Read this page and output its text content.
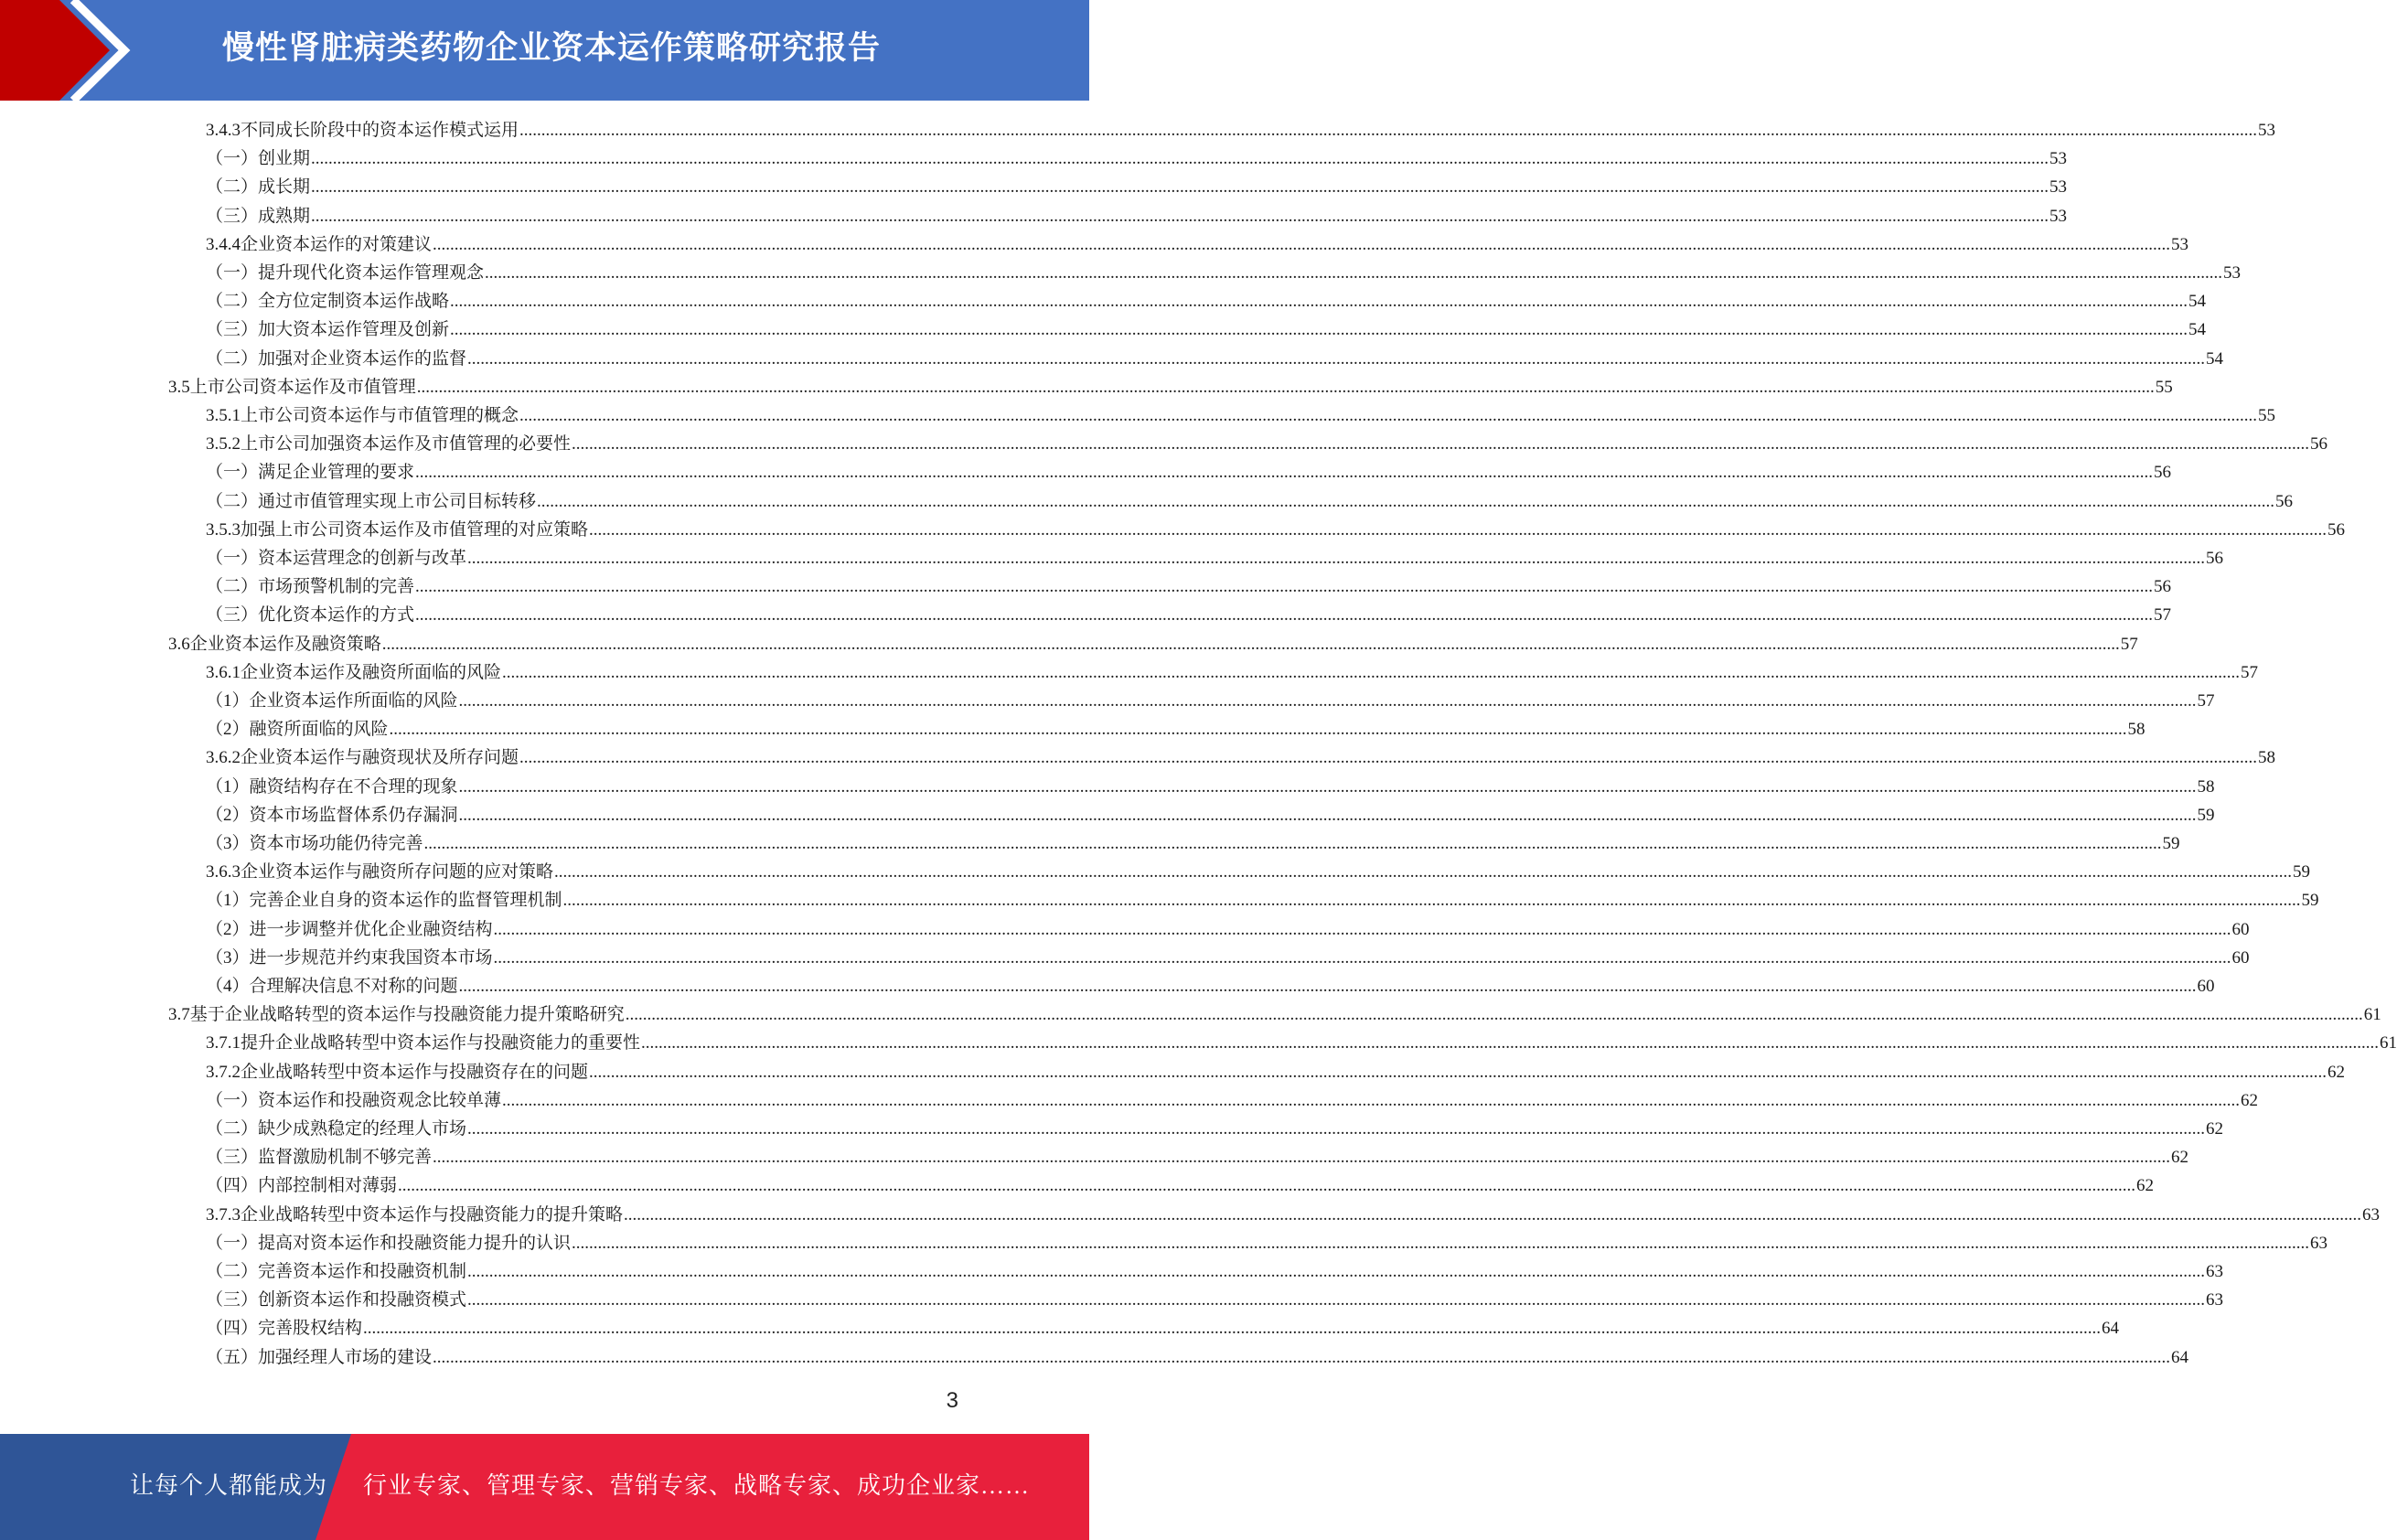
慢性肾脏病类药物企业资本运作策略研究报告
3.4.3 不同成长阶段中的资本运作模式运用 ................................................................................................................................................................................................................................................................................................................................................................................................................ 53
（一）创业期 ................................................................................................................................................................................................................................................................................................................................................................................................................ 53
（二）成长期 ................................................................................................................................................................................................................................................................................................................................................................................................................ 53
（三）成熟期 ................................................................................................................................................................................................................................................................................................................................................................................................................ 53
3.4.4 企业资本运作的对策建议 ................................................................................................................................................................................................................................................................................................................................................................................................................ 53
（一）提升现代化资本运作管理观念 ................................................................................................................................................................................................................................................................................................................................................................................................................ 53
（二）全方位定制资本运作战略 ................................................................................................................................................................................................................................................................................................................................................................................................................ 54
（三）加大资本运作管理及创新 ................................................................................................................................................................................................................................................................................................................................................................................................................ 54
（二）加强对企业资本运作的监督 ................................................................................................................................................................................................................................................................................................................................................................................................................ 54
3.5 上市公司资本运作及市值管理 ................................................................................................................................................................................................................................................................................................................................................................................................................ 55
3.5.1 上市公司资本运作与市值管理的概念 ................................................................................................................................................................................................................................................................................................................................................................................................................ 55
3.5.2 上市公司加强资本运作及市值管理的必要性 ................................................................................................................................................................................................................................................................................................................................................................................................................ 56
（一）满足企业管理的要求 ................................................................................................................................................................................................................................................................................................................................................................................................................ 56
（二）通过市值管理实现上市公司目标转移 ................................................................................................................................................................................................................................................................................................................................................................................................................ 56
3.5.3 加强上市公司资本运作及市值管理的对应策略 ................................................................................................................................................................................................................................................................................................................................................................................................................ 56
（一）资本运营理念的创新与改革 ................................................................................................................................................................................................................................................................................................................................................................................................................ 56
（二）市场预警机制的完善 ................................................................................................................................................................................................................................................................................................................................................................................................................ 56
（三）优化资本运作的方式 ................................................................................................................................................................................................................................................................................................................................................................................................................ 57
3.6 企业资本运作及融资策略 ................................................................................................................................................................................................................................................................................................................................................................................................................ 57
3.6.1 企业资本运作及融资所面临的风险 ................................................................................................................................................................................................................................................................................................................................................................................................................ 57
（1）企业资本运作所面临的风险 ................................................................................................................................................................................................................................................................................................................................................................................................................ 57
（2）融资所面临的风险 ................................................................................................................................................................................................................................................................................................................................................................................................................ 58
3.6.2 企业资本运作与融资现状及所存问题 ................................................................................................................................................................................................................................................................................................................................................................................................................ 58
（1）融资结构存在不合理的现象 ................................................................................................................................................................................................................................................................................................................................................................................................................ 58
（2）资本市场监督体系仍存漏洞 ................................................................................................................................................................................................................................................................................................................................................................................................................ 59
（3）资本市场功能仍待完善 ................................................................................................................................................................................................................................................................................................................................................................................................................ 59
3.6.3 企业资本运作与融资所存问题的应对策略 ................................................................................................................................................................................................................................................................................................................................................................................................................ 59
（1）完善企业自身的资本运作的监督管理机制 ................................................................................................................................................................................................................................................................................................................................................................................................................ 59
（2）进一步调整并优化企业融资结构 ................................................................................................................................................................................................................................................................................................................................................................................................................ 60
（3）进一步规范并约束我国资本市场 ................................................................................................................................................................................................................................................................................................................................................................................................................ 60
（4）合理解决信息不对称的问题 ................................................................................................................................................................................................................................................................................................................................................................................................................ 60
3.7 基于企业战略转型的资本运作与投融资能力提升策略研究 ................................................................................................................................................................................................................................................................................................................................................................................................................ 61
3.7.1 提升企业战略转型中资本运作与投融资能力的重要性 ................................................................................................................................................................................................................................................................................................................................................................................................................ 61
3.7.2 企业战略转型中资本运作与投融资存在的问题 ................................................................................................................................................................................................................................................................................................................................................................................................................ 62
（一）资本运作和投融资观念比较单薄 ................................................................................................................................................................................................................................................................................................................................................................................................................ 62
（二）缺少成熟稳定的经理人市场 ................................................................................................................................................................................................................................................................................................................................................................................................................ 62
（三）监督激励机制不够完善 ................................................................................................................................................................................................................................................................................................................................................................................................................ 62
（四）内部控制相对薄弱 ................................................................................................................................................................................................................................................................................................................................................................................................................ 62
3.7.3 企业战略转型中资本运作与投融资能力的提升策略 ................................................................................................................................................................................................................................................................................................................................................................................................................ 63
（一）提高对资本运作和投融资能力提升的认识 ................................................................................................................................................................................................................................................................................................................................................................................................................ 63
（二）完善资本运作和投融资机制 ................................................................................................................................................................................................................................................................................................................................................................................................................ 63
（三）创新资本运作和投融资模式 ................................................................................................................................................................................................................................................................................................................................................................................................................ 63
（四）完善股权结构 ................................................................................................................................................................................................................................................................................................................................................................................................................ 64
（五）加强经理人市场的建设 ................................................................................................................................................................................................................................................................................................................................................................................................................ 64
3
让每个人都能成为 行业专家、管理专家、营销专家、战略专家、成功企业家……
